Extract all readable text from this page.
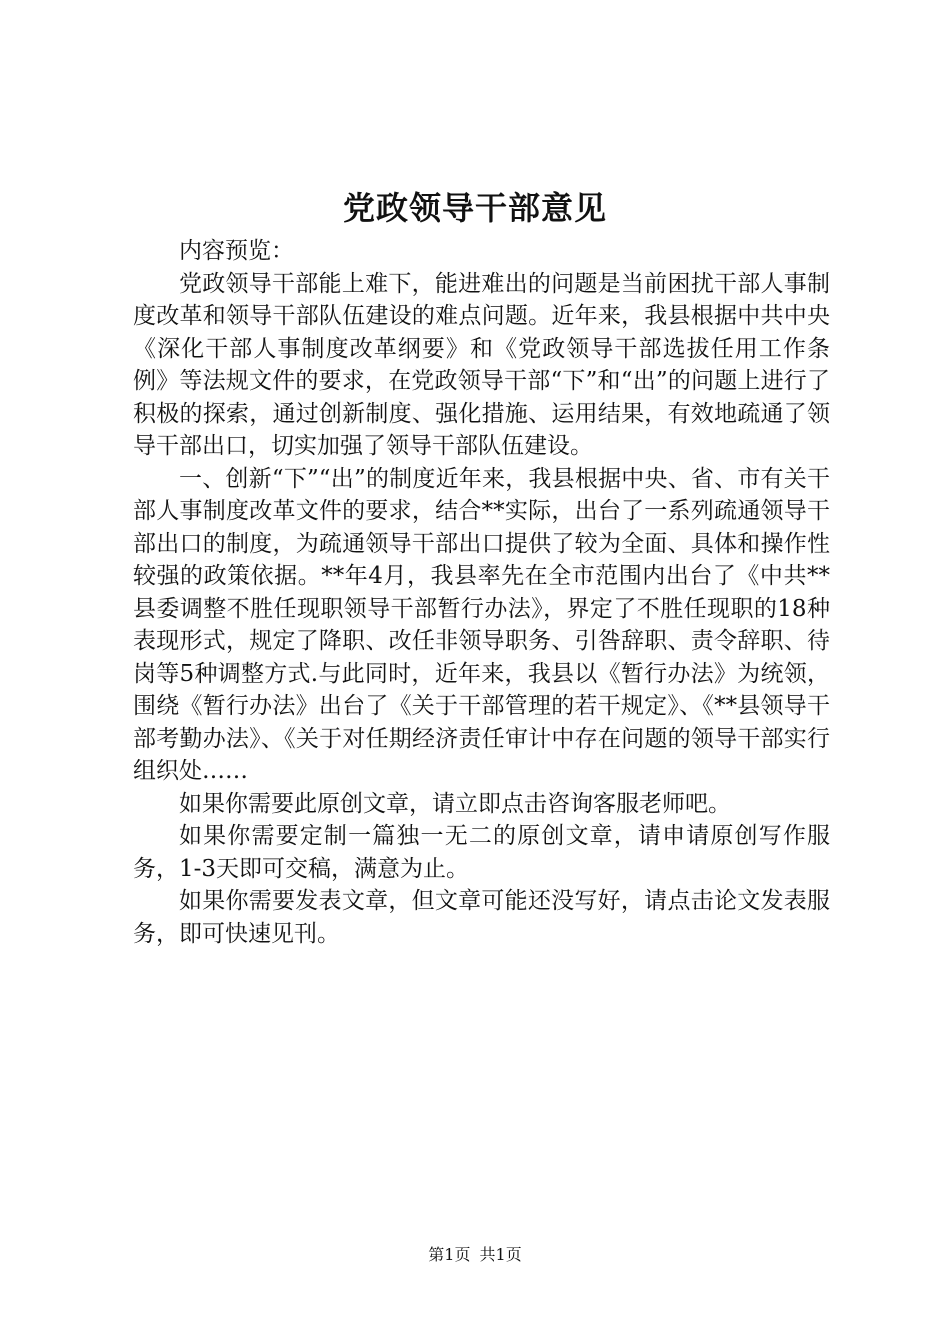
党政领导干部意见

内容预览：

党政领导干部能上难下，能进难出的问题是当前困扰干部人事制度改革和领导干部队伍建设的难点问题。近年来，我县根据中共中央《深化干部人事制度改革纲要》和《党政领导干部选拔任用工作条例》等法规文件的要求，在党政领导干部“下”和“出”的问题上进行了积极的探索，通过创新制度、强化措施、运用结果，有效地疏通了领导干部出口，切实加强了领导干部队伍建设。

一、创新“下”“出”的制度近年来，我县根据中央、省、市有关干部人事制度改革文件的要求，结合**实际，出台了一系列疏通领导干部出口的制度，为疏通领导干部出口提供了较为全面、具体和操作性较强的政策依据。**年4月，我县率先在全市范围内出台了《中共**县委调整不胜任现职领导干部暂行办法》，界定了不胜任现职的18种表现形式，规定了降职、改任非领导职务、引咎辞职、责令辞职、待岗等5种调整方式.与此同时，近年来，我县以《暂行办法》为统领，围绕《暂行办法》出台了《关于干部管理的若干规定》、《**县领导干部考勤办法》、《关于对任期经济责任审计中存在问题的领导干部实行组织处……

如果你需要此原创文章，请立即点击咨询客服老师吧。

如果你需要定制一篇独一无二的原创文章，请申请原创写作服务，1-3天即可交稿，满意为止。

如果你需要发表文章，但文章可能还没写好，请点击论文发表服务，即可快速见刊。

第1页 共1页
